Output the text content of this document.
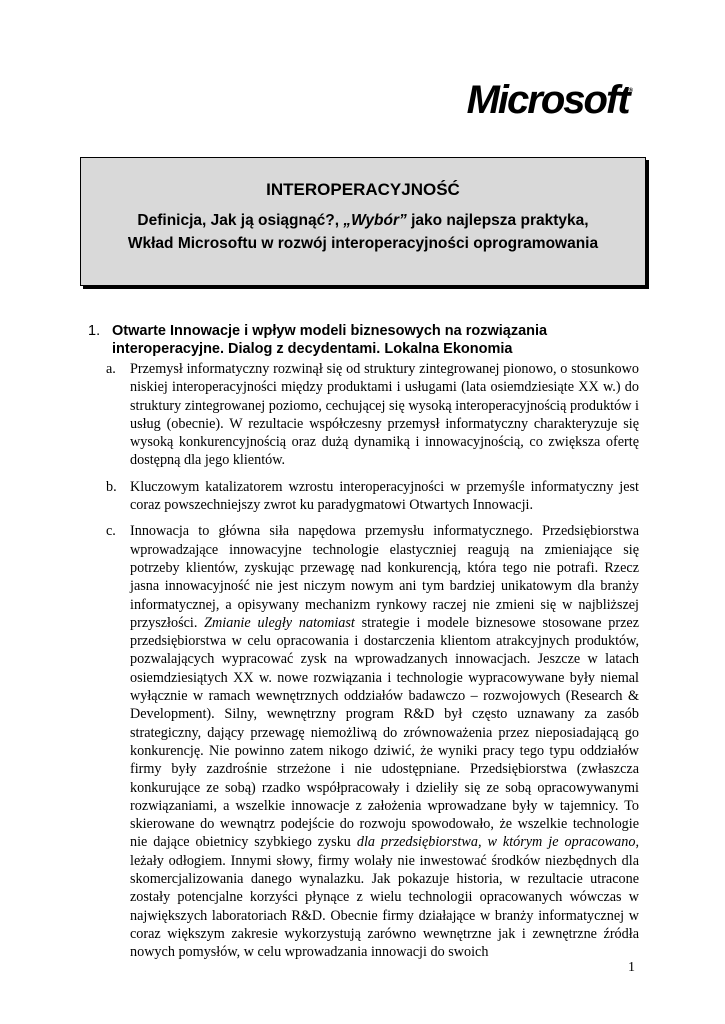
Microsoft®
INTEROPERACYJNOŚĆ
Definicja, Jak ją osiągnąć?, „Wybór” jako najlepsza praktyka,
Wkład Microsoftu w rozwój interoperacyjności oprogramowania
1. Otwarte Innowacje i wpływ modeli biznesowych na rozwiązania interoperacyjne. Dialog z decydentami. Lokalna Ekonomia
a. Przemysł informatyczny rozwinął się od struktury zintegrowanej pionowo, o stosunkowo niskiej interoperacyjności między produktami i usługami (lata osiemdziesiąte XX w.) do struktury zintegrowanej poziomo, cechującej się wysoką interoperacyjnością produktów i usług (obecnie). W rezultacie współczesny przemysł informatyczny charakteryzuje się wysoką konkurencyjnością oraz dużą dynamiką i innowacyjnością, co zwiększa ofertę dostępną dla jego klientów.
b. Kluczowym katalizatorem wzrostu interoperacyjności w przemyśle informatyczny jest coraz powszechniejszy zwrot ku paradygmatowi Otwartych Innowacji.
c. Innowacja to główna siła napędowa przemysłu informatycznego. Przedsiębiorstwa wprowadzające innowacyjne technologie elastyczniej reagują na zmieniające się potrzeby klientów, zyskując przewagę nad konkurencją, która tego nie potrafi. Rzecz jasna innowacyjność nie jest niczym nowym ani tym bardziej unikatowym dla branży informatycznej, a opisywany mechanizm rynkowy raczej nie zmieni się w najbliższej przyszłości. Zmianie uległy natomiast strategie i modele biznesowe stosowane przez przedsiębiorstwa w celu opracowania i dostarczenia klientom atrakcyjnych produktów, pozwalających wypracować zysk na wprowadzanych innowacjach. Jeszcze w latach osiemdziesiątych XX w. nowe rozwiązania i technologie wypracowywane były niemal wyłącznie w ramach wewnętrznych oddziałów badawczo – rozwojowych (Research & Development). Silny, wewnętrzny program R&D był często uznawany za zasób strategiczny, dający przewagę niemożliwą do zrównoważenia przez nieposiadającą go konkurencję. Nie powinno zatem nikogo dziwić, że wyniki pracy tego typu oddziałów firmy były zazdrośnie strzeżone i nie udostępniane. Przedsiębiorstwa (zwłaszcza konkurujące ze sobą) rzadko współpracowały i dzieliły się ze sobą opracowywanymi rozwiązaniami, a wszelkie innowacje z założenia wprowadzane były w tajemnicy. To skierowane do wewnątrz podejście do rozwoju spowodowało, że wszelkie technologie nie dające obietnicy szybkiego zysku dla przedsiębiorstwa, w którym je opracowano, leżały odłogiem. Innymi słowy, firmy wolały nie inwestować środków niezbędnych dla skomercjalizowania danego wynalazku. Jak pokazuje historia, w rezultacie utracone zostały potencjalne korzyści płynące z wielu technologii opracowanych wówczas w największych laboratoriach R&D. Obecnie firmy działające w branży informatycznej w coraz większym zakresie wykorzystują zarówno wewnętrzne jak i zewnętrzne źródła nowych pomysłów, w celu wprowadzania innowacji do swoich
1
